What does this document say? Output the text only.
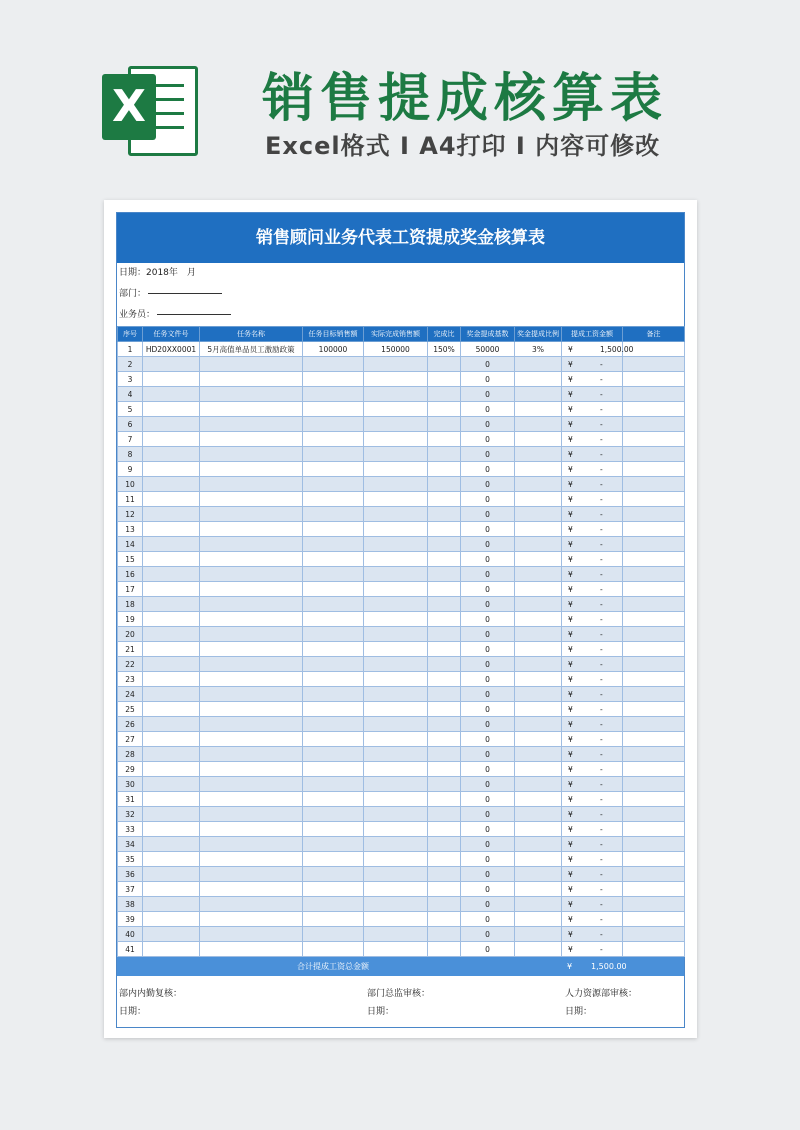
X 销售提成核算表
Excel格式 I A4打印 I 内容可修改
销售顾问业务代表工资提成奖金核算表
日期：2018年　月
部门：
业务员：
序号	任务文件号	任务名称	任务目标销售额	实际完成销售额	完成比	奖金提成基数	奖金提成比例	提成工资金额	备注
1	HD20XX0001	5月高值单品员工激励政策	100000	150000	150%	50000	3%	¥ 1,500.00	
2						0		¥ -	
3						0		¥ -	
4						0		¥ -	
5						0		¥ -	
6						0		¥ -	
7						0		¥ -	
8						0		¥ -	
9						0		¥ -	
10						0		¥ -	
11						0		¥ -	
12						0		¥ -	
13						0		¥ -	
14						0		¥ -	
15						0		¥ -	
16						0		¥ -	
17						0		¥ -	
18						0		¥ -	
19						0		¥ -	
20						0		¥ -	
21						0		¥ -	
22						0		¥ -	
23						0		¥ -	
24						0		¥ -	
25						0		¥ -	
26						0		¥ -	
27						0		¥ -	
28						0		¥ -	
29						0		¥ -	
30						0		¥ -	
31						0		¥ -	
32						0		¥ -	
33						0		¥ -	
34						0		¥ -	
35						0		¥ -	
36						0		¥ -	
37						0		¥ -	
38						0		¥ -	
39						0		¥ -	
40						0		¥ -	
41						0		¥ -	
合计提成工资总金额	¥ 1,500.00
部内内勤复核：	部门总监审核：	人力资源部审核：
日期：	日期：	日期：
